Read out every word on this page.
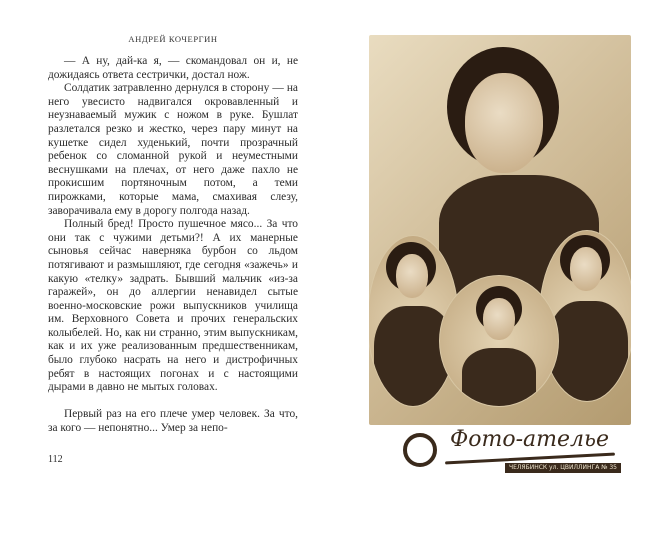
АНДРЕЙ КОЧЕРГИН

— А ну, дай-ка я, — скомандовал он и, не дожидаясь ответа сестрички, достал нож.

Солдатик затравленно дернулся в сторону — на него увесисто надвигался окровавленный и неузнаваемый мужик с ножом в руке. Бушлат разлетался резко и жестко, через пару минут на кушетке сидел худенький, почти прозрачный ребенок со сломанной рукой и неуместными веснушками на плечах, от него даже пахло не прокисшим портяночным потом, а теми пирожками, которые мама, смахивая слезу, заворачивала ему в дорогу полгода назад.

Полный бред! Просто пушечное мясо... За что они так с чужими детьми?! А их манерные сыновья сейчас наверняка бурбон со льдом потягивают и размышляют, где сегодня «зажечь» и какую «телку» задрать. Бывший мальчик «из-за гаражей», он до аллергии ненавидел сытые военно-московские рожи выпускников училища им. Верховного Совета и прочих генеральских колыбелей. Но, как ни странно, этим выпускникам, как и их уже реализованным предшественникам, было глубоко насрать на него и дистрофичных ребят в настоящих погонах и с настоящими дырами в давно не мытых головах.

Первый раз на его плече умер человек. За что, за кого — непонятно... Умер за непо-

112
Фото-ателье
ЧЕЛЯБИНСК ул. ЦВИЛЛИНГА № 35
